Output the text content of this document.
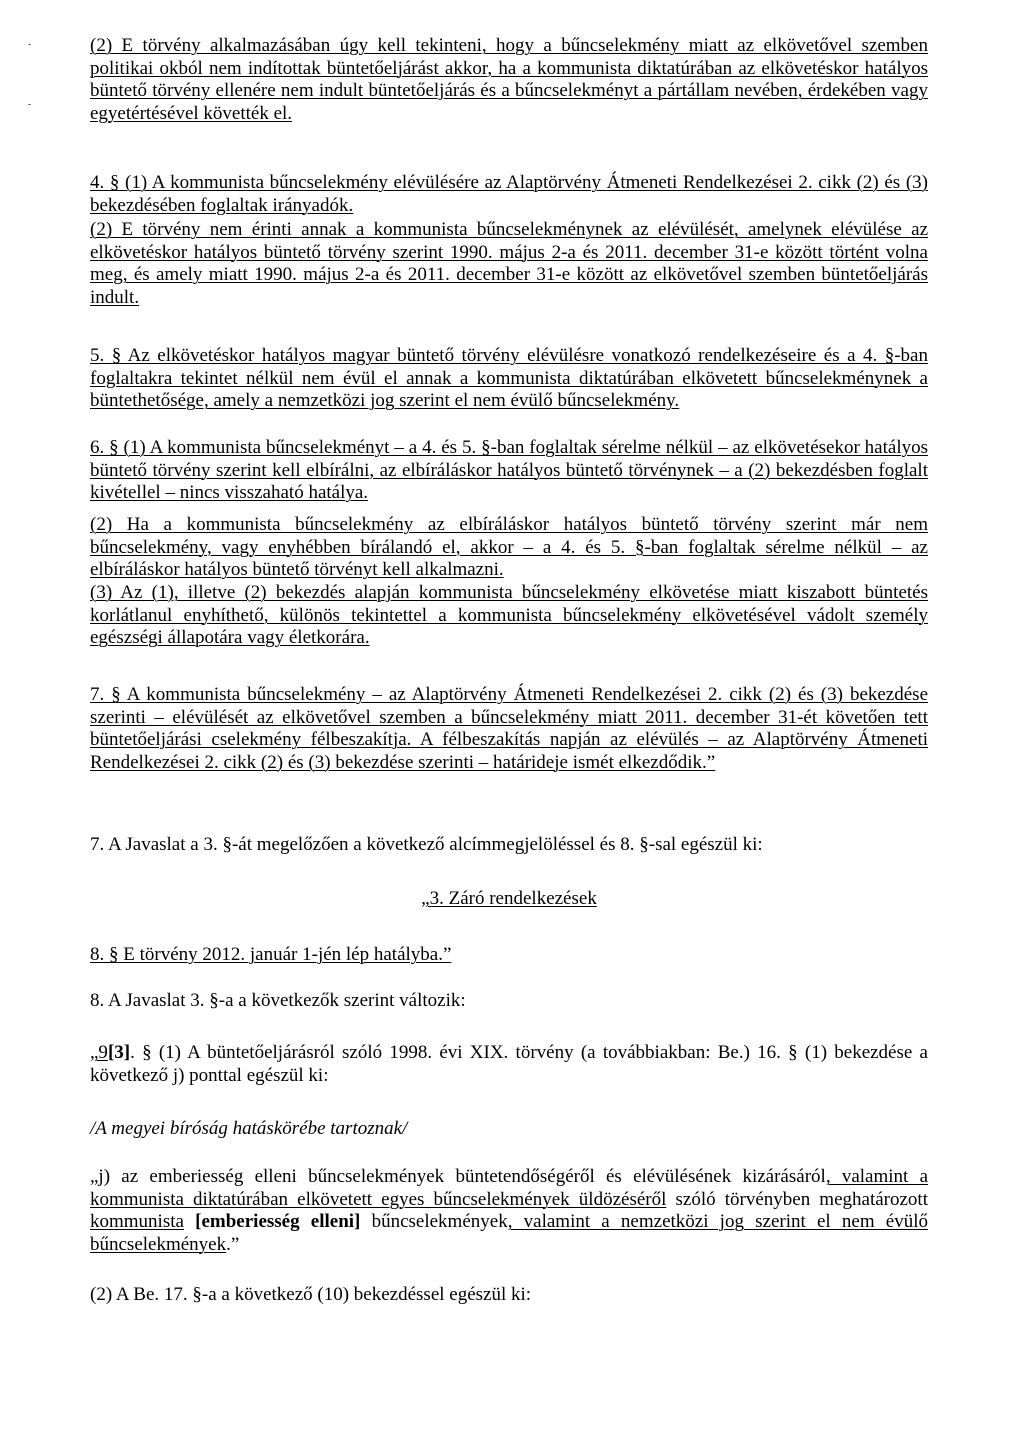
(2) E törvény alkalmazásában úgy kell tekinteni, hogy a bűncselekmény miatt az elkövetővel szemben politikai okból nem indítottak büntetőeljárást akkor, ha a kommunista diktatúrában az elkövetéskor hatályos büntető törvény ellenére nem indult büntetőeljárás és a bűncselekményt a pártállam nevében, érdekében vagy egyetértésével követték el.

4. § (1) A kommunista bűncselekmény elévülésére az Alaptörvény Átmeneti Rendelkezései 2. cikk (2) és (3) bekezdésében foglaltak irányadók.

(2) E törvény nem érinti annak a kommunista bűncselekménynek az elévülését, amelynek elévülése az elkövetéskor hatályos büntető törvény szerint 1990. május 2-a és 2011. december 31-e között történt volna meg, és amely miatt 1990. május 2-a és 2011. december 31-e között az elkövetővel szemben büntetőeljárás indult.

5. § Az elkövetéskor hatályos magyar büntető törvény elévülésre vonatkozó rendelkezéseire és a 4. §-ban foglaltakra tekintet nélkül nem évül el annak a kommunista diktatúrában elkövetett bűncselekménynek a büntethetősége, amely a nemzetközi jog szerint el nem évülő bűncselekmény.

6. § (1) A kommunista bűncselekményt – a 4. és 5. §-ban foglaltak sérelme nélkül – az elkövetésekor hatályos büntető törvény szerint kell elbírálni, az elbíráláskor hatályos büntető törvénynek – a (2) bekezdésben foglalt kivétellel – nincs visszaható hatálya.

(2) Ha a kommunista bűncselekmény az elbíráláskor hatályos büntető törvény szerint már nem bűncselekmény, vagy enyhébben bírálandó el, akkor – a 4. és 5. §-ban foglaltak sérelme nélkül – az elbíráláskor hatályos büntető törvényt kell alkalmazni.

(3) Az (1), illetve (2) bekezdés alapján kommunista bűncselekmény elkövetése miatt kiszabott büntetés korlátlanul enyhíthető, különös tekintettel a kommunista bűncselekmény elkövetésével vádolt személy egészségi állapotára vagy életkorára.

7. § A kommunista bűncselekmény – az Alaptörvény Átmeneti Rendelkezései 2. cikk (2) és (3) bekezdése szerinti – elévülését az elkövetővel szemben a bűncselekmény miatt 2011. december 31-ét követően tett büntetőeljárási cselekmény félbeszakítja. A félbeszakítás napján az elévülés – az Alaptörvény Átmeneti Rendelkezései 2. cikk (2) és (3) bekezdése szerinti – határideje ismét elkezdődik.”

7. A Javaslat a 3. §-át megelőzően a következő alcímmegjelöléssel és 8. §-sal egészül ki:

„3. Záró rendelkezések

8. § E törvény 2012. január 1-jén lép hatályba.”

8. A Javaslat 3. §-a a következők szerint változik:

„9[3]. § (1) A büntetőeljárásról szóló 1998. évi XIX. törvény (a továbbiakban: Be.) 16. § (1) bekezdése a következő j) ponttal egészül ki:

/A megyei bíróság hatáskörébe tartoznak/

„j) az emberiesség elleni bűncselekmények büntetendőségéről és elévülésének kizárásáról, valamint a kommunista diktatúrában elkövetett egyes bűncselekmények üldözéséről szóló törvényben meghatározott kommunista [emberiesség elleni] bűncselekmények, valamint a nemzetközi jog szerint el nem évülő bűncselekmények.”

(2) A Be. 17. §-a a következő (10) bekezdéssel egészül ki:
